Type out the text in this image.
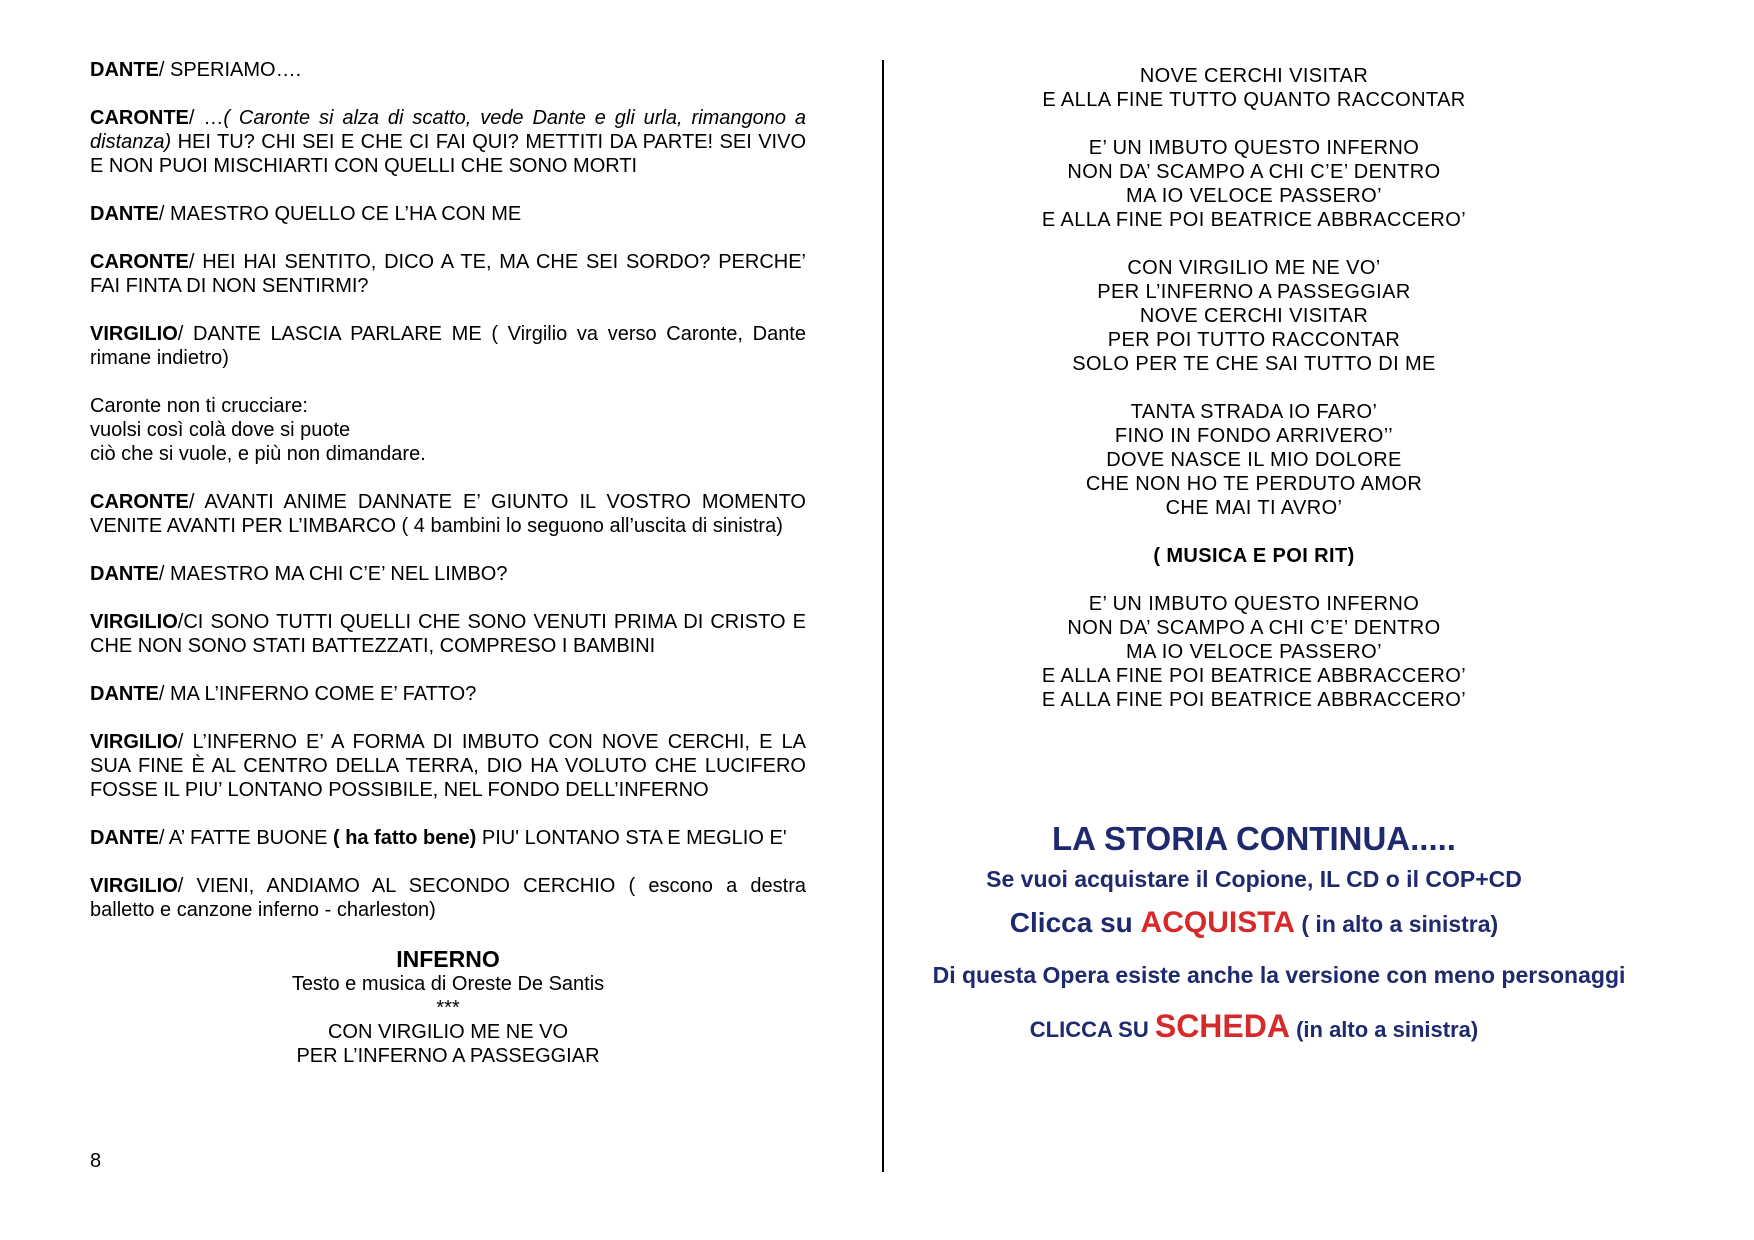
DANTE/ SPERIAMO….

CARONTE/ …( Caronte si alza di scatto, vede Dante e gli urla, rimangono a distanza) HEI TU? CHI SEI E CHE CI FAI QUI? METTITI DA PARTE! SEI VIVO E NON PUOI MISCHIARTI CON QUELLI CHE SONO MORTI

DANTE/ MAESTRO QUELLO CE L’HA CON ME

CARONTE/ HEI HAI SENTITO, DICO A TE, MA CHE SEI SORDO? PERCHE’ FAI FINTA DI NON SENTIRMI?

VIRGILIO/ DANTE LASCIA PARLARE ME ( Virgilio va verso Caronte, Dante rimane indietro)

Caronte non ti crucciare:
vuolsi così colà dove si puote
ciò che si vuole, e più non dimandare.

CARONTE/ AVANTI ANIME DANNATE E’ GIUNTO IL VOSTRO MOMENTO VENITE AVANTI PER L’IMBARCO ( 4 bambini lo seguono all’uscita di sinistra)

DANTE/ MAESTRO MA CHI C’E’ NEL LIMBO?

VIRGILIO/CI SONO TUTTI QUELLI CHE SONO VENUTI PRIMA DI CRISTO E CHE NON SONO STATI BATTEZZATI, COMPRESO I BAMBINI

DANTE/ MA L’INFERNO COME E’ FATTO?

VIRGILIO/ L’INFERNO E’ A FORMA DI IMBUTO CON NOVE CERCHI, E LA SUA FINE È AL CENTRO DELLA TERRA, DIO HA VOLUTO CHE LUCIFERO FOSSE IL PIU’ LONTANO POSSIBILE, NEL FONDO DELL’INFERNO

DANTE/ A’ FATTE BUONE ( ha fatto bene) PIU' LONTANO STA E MEGLIO E'

VIRGILIO/ VIENI, ANDIAMO AL SECONDO CERCHIO ( escono a destra balletto e canzone inferno - charleston)

INFERNO
Testo e musica di Oreste De Santis
***
CON VIRGILIO ME NE VO
PER L’INFERNO A PASSEGGIAR
8
NOVE CERCHI VISITAR
E ALLA FINE TUTTO QUANTO RACCONTAR
E’ UN IMBUTO QUESTO INFERNO
NON DA’ SCAMPO A CHI C’E’ DENTRO
MA IO VELOCE PASSERO’
E ALLA FINE POI BEATRICE ABBRACCERO’
CON VIRGILIO ME NE VO’
PER L’INFERNO A PASSEGGIAR
NOVE CERCHI VISITAR
PER POI TUTTO RACCONTAR
SOLO PER TE CHE SAI TUTTO DI ME
TANTA STRADA IO FARO’
FINO IN FONDO ARRIVERO’’
DOVE NASCE IL MIO DOLORE
CHE NON HO TE PERDUTO AMOR
CHE MAI TI AVRO’
( MUSICA E POI RIT)
E’ UN IMBUTO QUESTO INFERNO
NON DA’ SCAMPO A CHI C’E’ DENTRO
MA IO VELOCE PASSERO’
E ALLA FINE POI BEATRICE ABBRACCERO’
E ALLA FINE POI BEATRICE ABBRACCERO’
LA STORIA CONTINUA.....
Se vuoi acquistare il Copione, IL CD o il COP+CD
Clicca su ACQUISTA ( in alto a sinistra)
Di questa Opera esiste anche la versione con meno personaggi
CLICCA SU SCHEDA (in alto a sinistra)
